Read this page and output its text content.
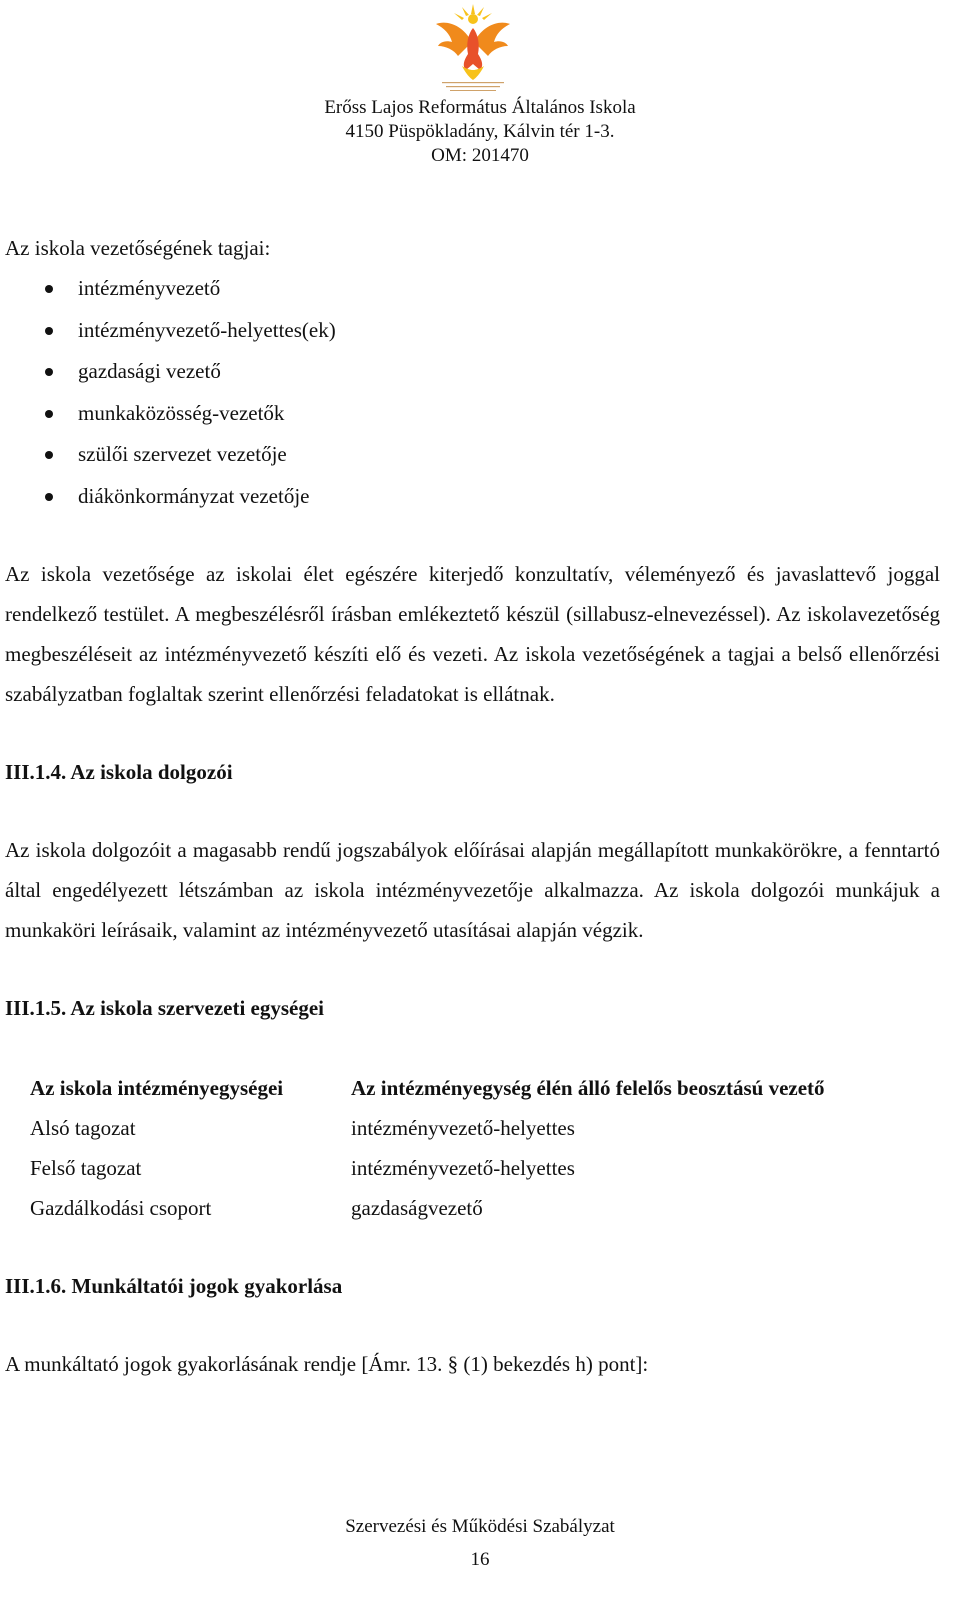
Erőss Lajos Református Általános Iskola

4150 Püspökladány, Kálvin tér 1-3.

OM: 201470

Az iskola vezetőségének tagjai:

intézményvezető
intézményvezető-helyettes(ek)
gazdasági vezető
munkaközösség-vezetők
szülői szervezet vezetője
diákönkormányzat vezetője

Az iskola vezetősége az iskolai élet egészére kiterjedő konzultatív, véleményező és javaslattevő joggal rendelkező testület. A megbeszélésről írásban emlékeztető készül (sillabusz-elnevezéssel). Az iskolavezetőség megbeszéléseit az intézményvezető készíti elő és vezeti. Az iskola vezetőségének a tagjai a belső ellenőrzési szabályzatban foglaltak szerint ellenőrzési feladatokat is ellátnak.

III.1.4. Az iskola dolgozói

Az iskola dolgozóit a magasabb rendű jogszabályok előírásai alapján megállapított munkakörökre, a fenntartó által engedélyezett létszámban az iskola intézményvezetője alkalmazza. Az iskola dolgozói munkájuk a munkaköri leírásaik, valamint az intézményvezető utasításai alapján végzik.

III.1.5. Az iskola szervezeti egységei

Az iskola intézményegységei	Az intézményegység élén álló felelős beosztású vezető
Alsó tagozat	intézményvezető-helyettes
Felső tagozat	intézményvezető-helyettes
Gazdálkodási csoport	gazdaságvezető

III.1.6. Munkáltatói jogok gyakorlása

A munkáltató jogok gyakorlásának rendje [Ámr. 13. § (1) bekezdés h) pont]:

Szervezési és Működési Szabályzat

16
